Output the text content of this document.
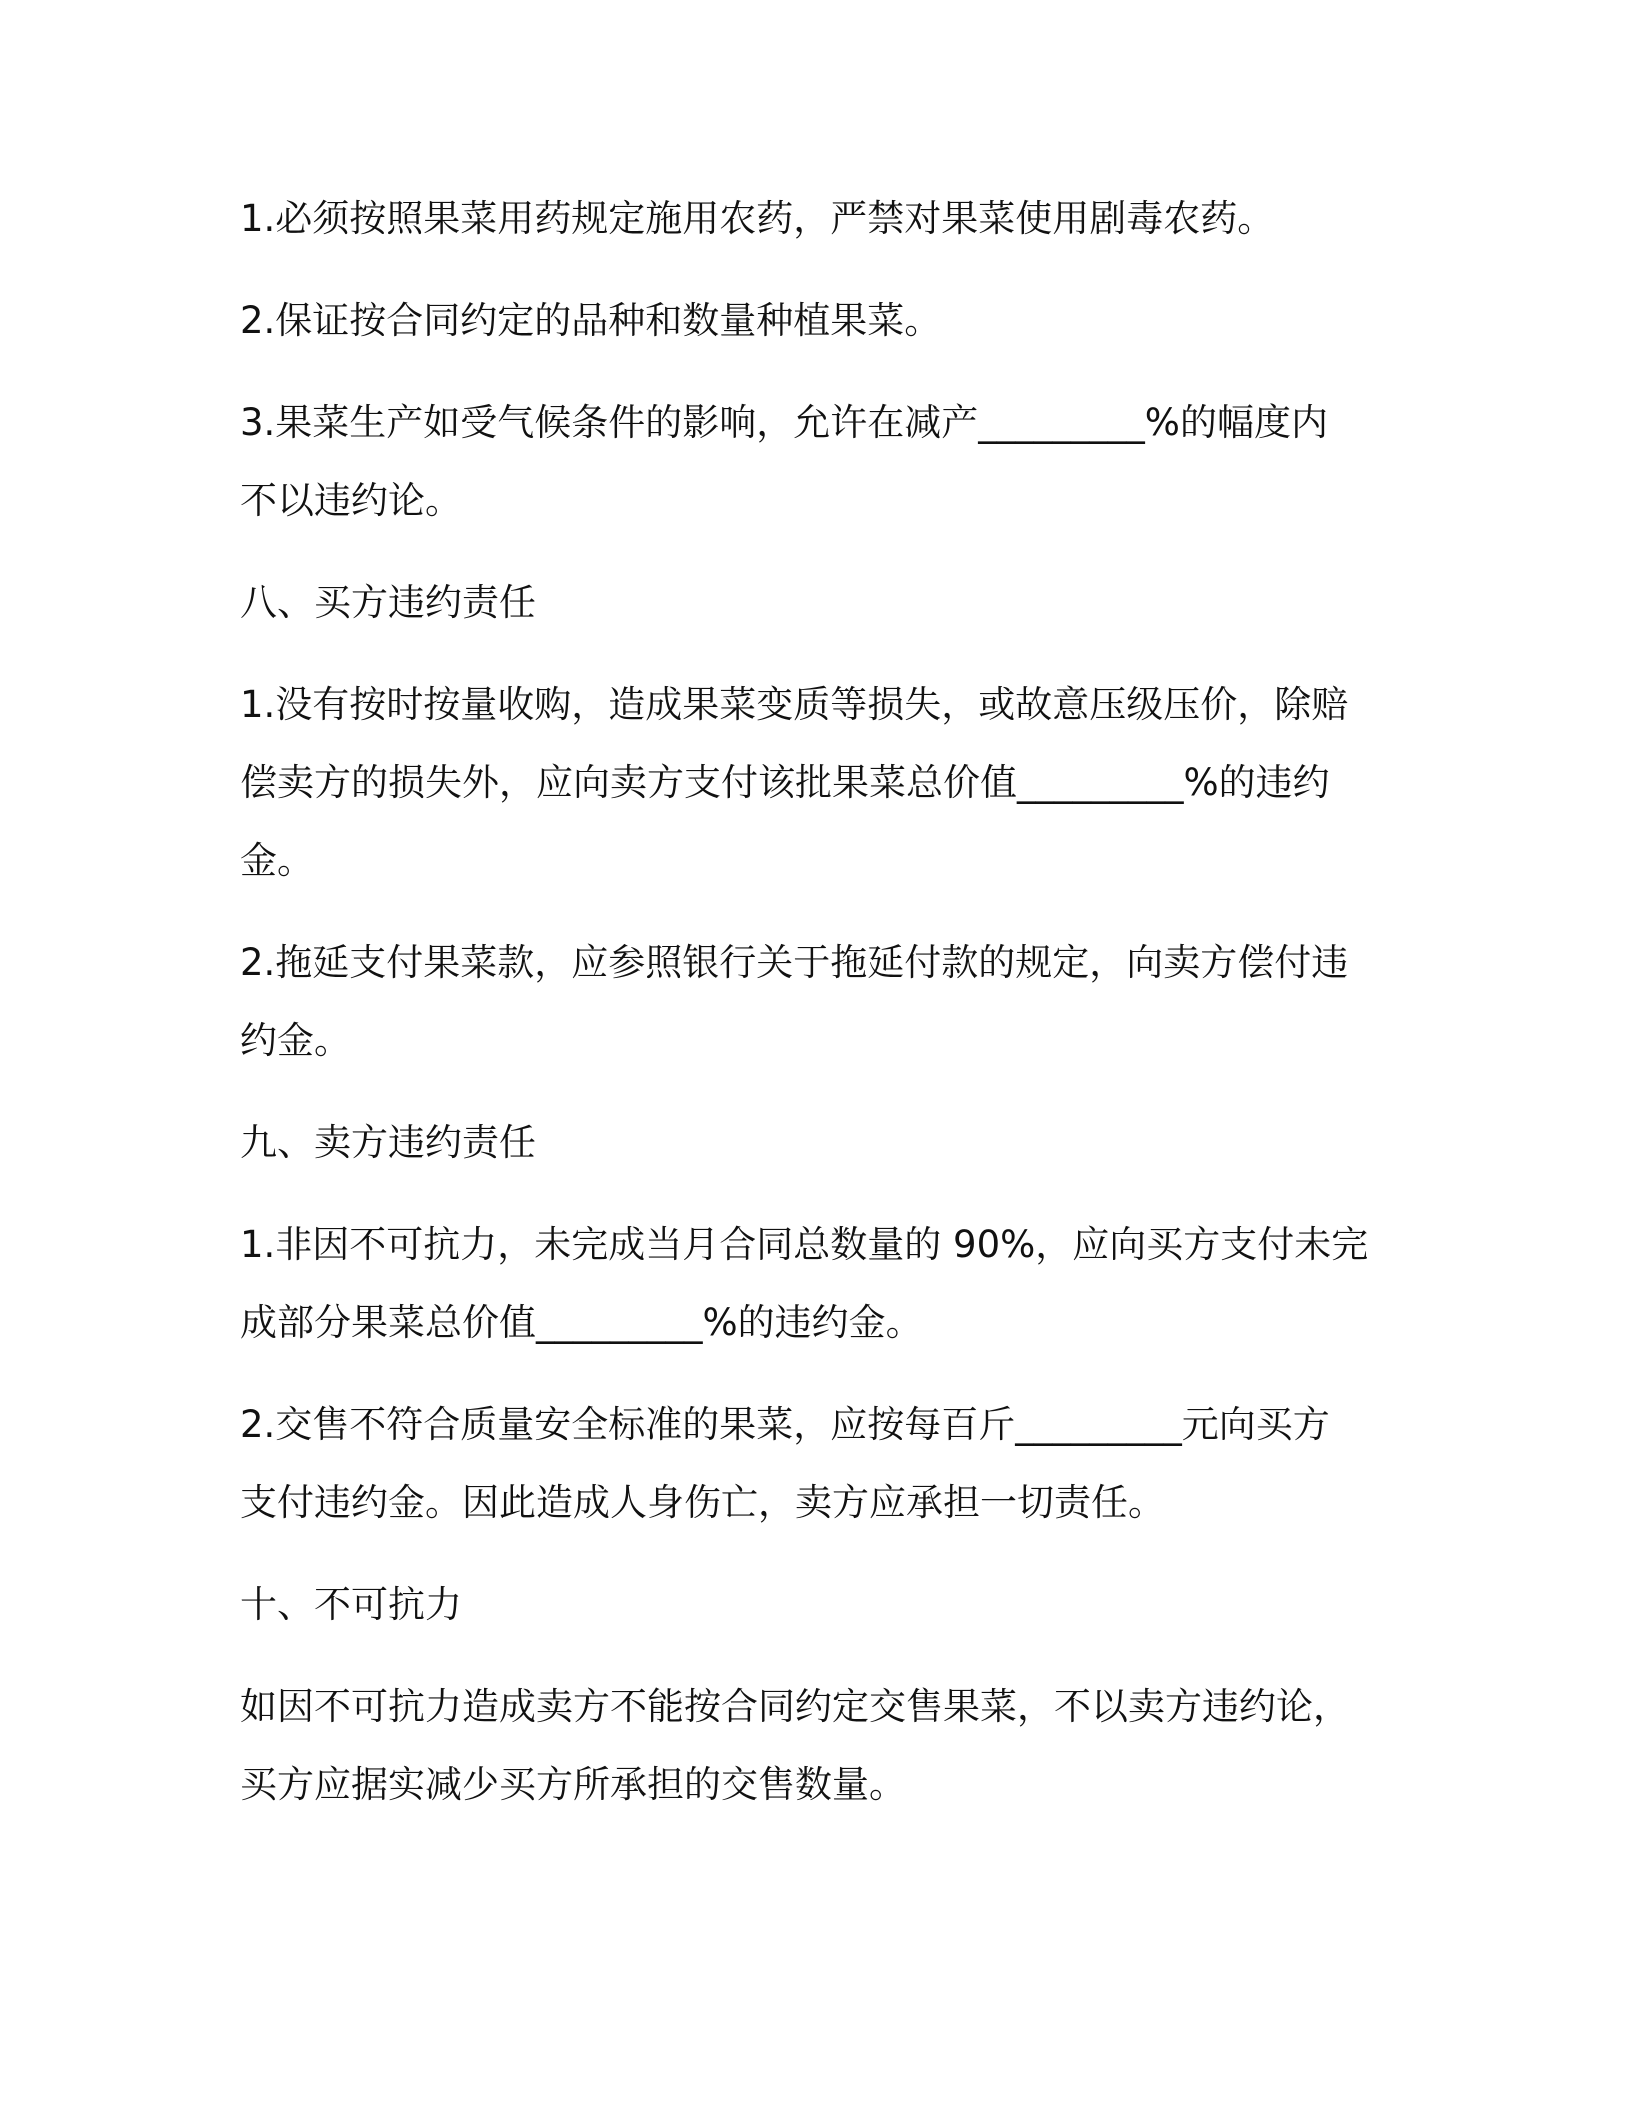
1.必须按照果菜用药规定施用农药，严禁对果菜使用剧毒农药。
2.保证按合同约定的品种和数量种植果菜。
3.果菜生产如受气候条件的影响，允许在减产_________%的幅度内
不以违约论。
八、买方违约责任
1.没有按时按量收购，造成果菜变质等损失，或故意压级压价，除赔
偿卖方的损失外，应向卖方支付该批果菜总价值_________%的违约
金。
2.拖延支付果菜款，应参照银行关于拖延付款的规定，向卖方偿付违
约金。
九、卖方违约责任
1.非因不可抗力，未完成当月合同总数量的 90%，应向买方支付未完
成部分果菜总价值_________%的违约金。
2.交售不符合质量安全标准的果菜，应按每百斤_________元向买方
支付违约金。因此造成人身伤亡，卖方应承担一切责任。
十、不可抗力
如因不可抗力造成卖方不能按合同约定交售果菜，不以卖方违约论，
买方应据实减少买方所承担的交售数量。
